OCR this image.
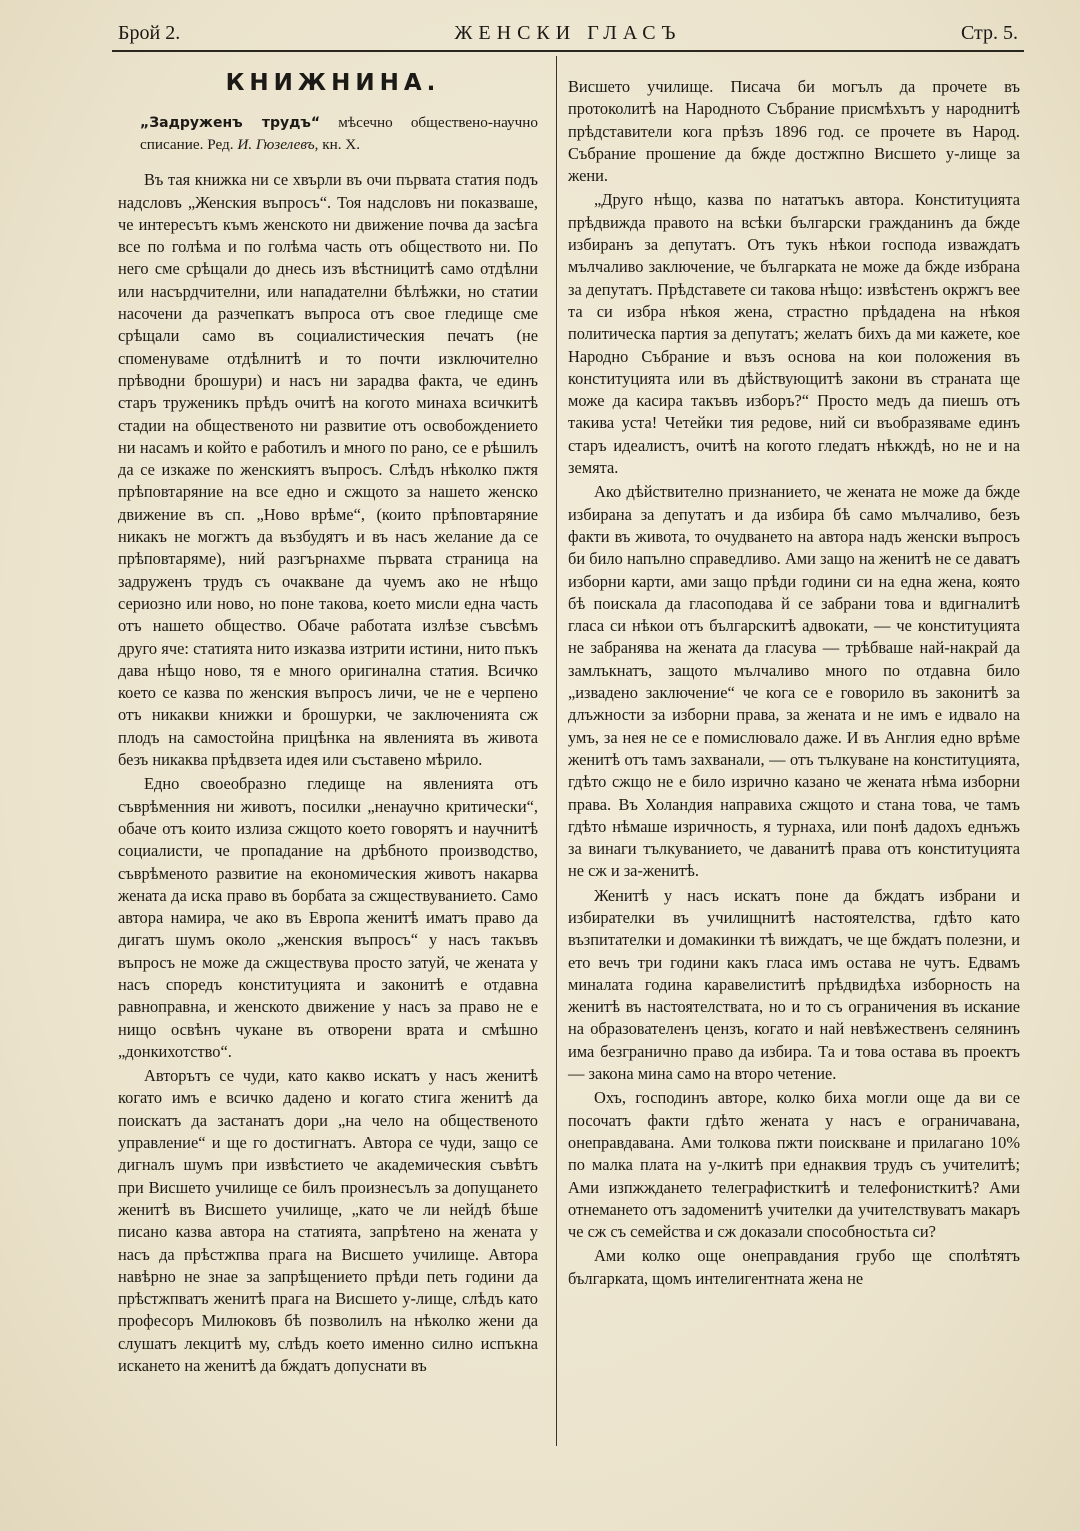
Брой 2.	ЖЕНСКИ ГЛАСЪ	Стр. 5.
КНИЖНИНА.
„Задруженъ трудъ“ мѣсечно обществено-научно списание. Ред. И. Гюзелевъ, кн. X.

Въ тая книжка ни се хвърли въ очи първата статия подъ надсловъ „Женския въпросъ“. Тоя надсловъ ни показваше, че интересътъ къмъ женското ни движение почва да засѣга все по голѣма и по голѣма часть отъ обществото ни. По него сме срѣщали до днесь изъ вѣстницитѣ само отдѣлни или насърдчителни, или нападателни бѣлѣжки, но статии насочени да разчепкатъ въпроса отъ свое гледище сме срѣщали само въ социалистическия печатъ (не споменуваме отдѣлнитѣ и то почти изключително прѣводни брошури) и насъ ни зарадва факта, че единъ старъ труженикъ прѣдъ очитѣ на когото минаха всичкитѣ стадии на общественото ни развитие отъ освобождението ни насамъ и който е работилъ и много по рано, се е рѣшилъ да се изкаже по женскиятъ въпросъ. Слѣдъ нѣколко пжтя прѣповтаряние на все едно и сжщото за нашето женско движение въ сп. „Ново врѣме“, (които прѣповтаряние никакъ не могжтъ да възбудятъ и въ насъ желание да се прѣповтаряме), ний разгърнахме първата страница на задруженъ трудъ съ очакване да чуемъ ако не нѣщо сериозно или ново, но поне такова, което мисли една часть отъ нашето общество. Обаче работата излѣзе съвсѣмъ друго яче: статията нито изказва изтрити истини, нито пъкъ дава нѣщо ново, тя е много оригинална статия. Всичко което се казва по женския въпросъ личи, че не е черпено отъ никакви книжки и брошурки, че заключенията сж плодъ на самостойна прицѣнка на явленията въ живота безъ никаква прѣдвзета идея или съставено мѣрило.

Едно своеобразно гледище на явленията отъ съврѣменния ни животъ, посилки „ненаучно критически“, обаче отъ които излиза сжщото което говорятъ и научнитѣ социалисти, че пропадание на дрѣбното производство, съврѣменото развитие на економическия животъ накарва жената да иска право въ борбата за сжществуванието. Само автора намира, че ако въ Европа женитѣ иматъ право да дигатъ шумъ около „женския въпросъ“ у насъ такъвъ въпросъ не може да сжществува просто затуй, че жената у насъ споредъ конституцията и законитѣ е отдавна равноправна, и женското движение у насъ за право не е нищо освѣнъ чукане въ отворени врата и смѣшно „донкихотство“.

Авторътъ се чуди, като какво искатъ у насъ женитѣ когато имъ е всичко дадено и когато стига женитѣ да поискатъ да застанатъ дори „на чело на общественото управление“ и ще го достигнатъ. Автора се чуди, защо се дигналъ шумъ при извѣстието че академическия съвѣтъ при Висшето училище се билъ произнесълъ за допущането женитѣ въ Висшето училище, „като че ли нейдѣ бѣше писано казва автора на статията, запрѣтено на жената у насъ да прѣстжпва прага на Висшето училище. Автора навѣрно не знае за запрѣщението прѣди петь години да прѣстжпватъ женитѣ прага на Висшето у-лище, слѣдъ като професоръ Милюковъ бѣ позволилъ на нѣколко жени да слушатъ лекцитѣ му, слѣдъ което именно силно испъкна искането на женитѣ да бждатъ допуснати въ

Висшето училище. Писача би могълъ да прочете въ протоколитѣ на Народното Събрание присмѣхътъ у народнитѣ прѣдставители кога прѣзъ 1896 год. се прочете въ Народ. Събрание прошение да бжде достжпно Висшето у-лище за жени.

„Друго нѣщо, казва по нататъкъ автора. Конституцията прѣдвижда правото на всѣки български гражданинъ да бжде избиранъ за депутатъ. Отъ тукъ нѣкои господа изваждатъ мълчаливо заключение, че българката не може да бжде избрана за депутатъ. Прѣдставете си такова нѣщо: извѣстенъ окржгъ вее та си избра нѣкоя жена, страстно прѣдадена на нѣкоя политическа партия за депутатъ; желатъ бихъ да ми кажете, кое Народно Събрание и възъ основа на кои положения въ конституцията или въ дѣйствующитѣ закони въ страната ще може да касира такъвъ изборъ?“ Просто медъ да пиешъ отъ такива уста! Четейки тия редове, ний си въобразяваме единъ старъ идеалистъ, очитѣ на когото гледатъ нѣкждѣ, но не и на земята.

Ако дѣйствително признанието, че жената не може да бжде избирана за депутатъ и да избира бѣ само мълчаливо, безъ факти въ живота, то очудването на автора надъ женски въпросъ би било напълно справедливо. Ами защо на женитѣ не се даватъ изборни карти, ами защо прѣди години си на една жена, която бѣ поискала да гласоподава й се забрани това и вдигналитѣ гласа си нѣкои отъ българскитѣ адвокати, — че конституцията не забранява на жената да гласува — трѣбваше най-накрай да замлъкнатъ, защото мълчаливо много по отдавна било „извадено заключение“ че кога се е говорило въ законитѣ за длъжности за изборни права, за жената и не имъ е идвало на умъ, за нея не се е помислювало даже. И въ Англия едно врѣме женитѣ отъ тамъ захванали, — отъ тълкуване на конституцията, гдѣто сжщо не е било изрично казано че жената нѣма изборни права. Въ Холандия направиха сжщото и стана това, че тамъ гдѣто нѣмаше изричность, я турнаха, или понѣ дадохъ еднъжъ за винаги тълкуванието, че даванитѣ права отъ конституцията не сж и за-женитѣ.

Женитѣ у насъ искатъ поне да бждатъ избрани и избирателки въ училищнитѣ настоятелства, гдѣто като възпитателки и домакинки тѣ виждатъ, че ще бждатъ полезни, и ето вечъ три години какъ гласа имъ остава не чутъ. Едвамъ миналата година каравелиститѣ прѣдвидѣха изборность на женитѣ въ настоятелствата, но и то съ ограничения въ искание на образователенъ цензъ, когато и най невѣжественъ селянинъ има безгранично право да избира. Та и това остава въ проектъ — закона мина само на второ четение.

Охъ, господинъ авторе, колко биха могли още да ви се посочатъ факти гдѣто жената у насъ е ограничавана, онеправдавана. Ами толкова пжти поискване и прилагано 10% по малка плата на у-лкитѣ при еднаквия трудъ съ учителитѣ; Ами изпжждането телеграфисткитѣ и телефонисткитѣ? Ами отнемането отъ задоменитѣ учителки да учителствуватъ макаръ че сж съ семейства и сж доказали способностьта си?

Ами колко още онеправдания грубо ще сполѣтятъ българката, щомъ интелигентната жена не
